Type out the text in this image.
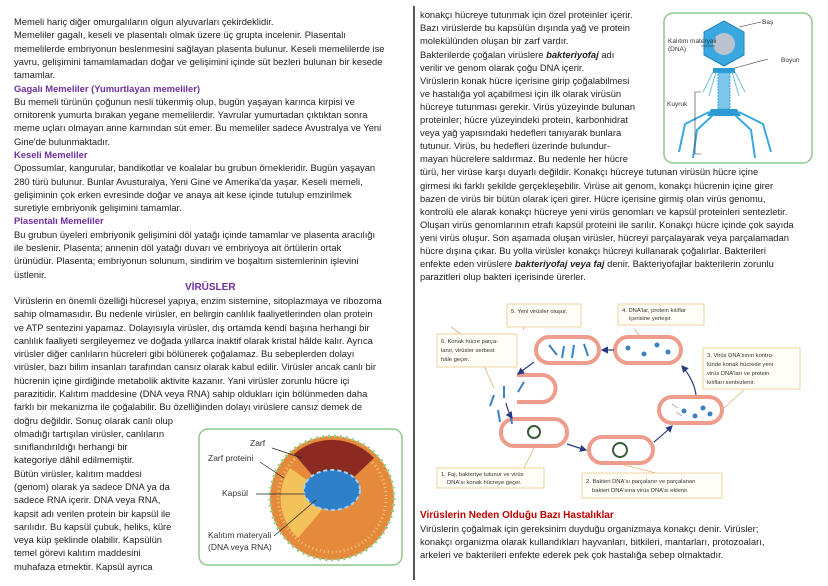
Memeli hariç diğer omurgalıların olgun alyuvarları çekirdeklidir.
Memeliler gagalı, keseli ve plasentalı olmak üzere üç grupta incelenir. Plasentalı
memelilerde embriyonun beslenmesini sağlayan plasenta bulunur. Keseli memelilerde ise
yavru, gelişimini tamamlamadan doğar ve gelişimini içinde süt bezleri bulunan bir kesede
tamamlar.
Gagalı Memeliler (Yumurtlayan memeliler)
Bu memeli türünün çoğunun nesli tükenmiş olup, bugün yaşayan karınca kirpisi ve
ornitorenk yumurta bırakan yegane memelilerdir. Yavrular yumurtadan çıktıktan sonra
meme uçları olmayan anne karnından süt emer. Bu memeliler sadece Avustralya ve Yeni
Gine'de bulunmaktadır.
Keseli Memeliler
Opossumlar, kangurular, bandikotlar ve koalalar bu grubun örnekleridir. Bugün yaşayan
280 türü bulunur. Bunlar Avusturalya, Yeni Gine ve Amerika'da yaşar. Keseli memeli,
gelişiminin çok erken evresinde doğar ve anaya ait kese içinde tutulup emzirilmek
suretiyle embriyonik gelişimini tamamlar.
Plasentalı Memeliler
Bu grubun üyeleri embriyonik gelişimini döl yatağı içinde tamamlar ve plasenta aracılığı
ile beslenir. Plasenta; annenin döl yatağı duvarı ve embriyoya ait örtülerin ortak
ürünüdür. Plasenta; embriyonun solunum, sindirim ve boşaltım sistemlerinin işlevini
üstlenir.
VİRÜSLER
Virüslerin en önemli özelliği hücresel yapıya, enzim sistemine, sitoplazmaya ve ribozoma
sahip olmamasıdır. Bu nedenle virüsler, en belirgin canlılık faaliyetlerinden olan protein
ve ATP sentezini yapamaz. Dolayısıyla virüsler, dış ortamda kendi başına herhangi bir
canlılık faaliyeti sergileyemez ve doğada yıllarca inaktif olarak kristal hâlde kalır. Ayrıca
virüsler diğer canlıların hücreleri gibi bölünerek çoğalamaz. Bu sebeplerden dolayı
virüsler, bazı bilim insanları tarafından cansız olarak kabul edilir. Virüsler ancak canlı bir
hücrenin içine girdiğinde metabolik aktivite kazanır. Yani virüsler zorunlu hücre içi
parazitidir. Kalıtım maddesine (DNA veya RNA) sahip oldukları için bölünmeden daha
farklı bir mekanizma ile çoğalabilir. Bu özelliğinden dolayı virüslere cansız demek de
doğru değildir. Sonuç olarak canlı olup
olmadığı tartışılan virüsler, canlıların
sınıflandırıldığı herhangi bir
kategoriye dâhil edilmemiştir.
Bütün virüsler, kalıtım maddesi
(genom) olarak ya sadece DNA ya da
sadece RNA içerir. DNA veya RNA,
kapsit adı verilen protein bir kapsül ile
sarılıdır. Bu kapsül çubuk, heliks, küre
veya küp şeklinde olabilir. Kapsülün
temel görevi kalıtım maddesini
muhafaza etmektir. Kapsül ayrıca
konakçı hücreye tutunmak için özel proteinler içerir.
Bazı virüslerde bu kapsülün dışında yağ ve protein
molekülünden oluşan bir zarf vardır.
Bakterilerde çoğalan virüslere bakteriyofaj adı
verilir ve genom olarak çoğu DNA içerir.
Virüslerin konak hücre içerisine girip çoğalabilmesi
ve hastalığa yol açabilmesi için ilk olarak virüsün
hücreye tutunması gerekir. Virüs yüzeyinde bulunan
proteinler; hücre yüzeyindeki protein, karbonhidrat
veya yağ yapısındaki hedefleri tanıyarak bunlara
tutunur. Virüs, bu hedefleri üzerinde bulundur-
mayan hücrelere saldırmaz. Bu nedenle her hücre
türü, her virüse karşı duyarlı değildir. Konakçı hücreye tutunan virüsün hücre içine
girmesi iki farklı şekilde gerçekleşebilir. Virüse ait genom, konakçı hücrenin içine girer
bazen de virüs bir bütün olarak içeri girer. Hücre içerisine girmiş olan virüs genomu,
kontrolü ele alarak konakçı hücreye yeni virüs genomları ve kapsül proteinleri sentezletir.
Oluşan virüs genomlarının etrafı kapsül proteini ile sarılır. Konakçı hücre içinde çok sayıda
yeni virüs oluşur. Son aşamada oluşan virüsler, hücreyi parçalayarak veya parçalamadan
hücre dışına çıkar. Bu yolla virüsler konakçı hücreyi kullanarak çoğalırlar. Bakterileri
enfekte eden virüslere bakteriyofaj veya faj denir. Bakteriyofajlar bakterilerin zorunlu
parazitleri olup bakteri içerisinde ürerler.
Virüslerin Neden Olduğu Bazı Hastalıklar
Virüslerin çoğalmak için gereksinim duyduğu organizmaya konakçı denir. Virüsler;
konakçı organizma olarak kullandıkları hayvanları, bitkileri, mantarları, protozoaları,
arkeleri ve bakterileri enfekte ederek pek çok hastalığa sebep olmaktadır.
Zarf
Zarf proteini
Kapsül
Kalıtım materyali
(DNA veya RNA)
Baş
Kalıtım materyali
(DNA)
Boyun
Kuyruk
5. Yeni virüsler oluşur.	4. DNA'lar, protein kılıflar
içerisine yerleşir.
6. Konak hücre parça-
lanır, virüsler serbest
hâle geçer.
3. Virüs DNA'sının kontro-
lünde konak hücrede yeni
virüs DNA'ları ve protein
kılıfları sentezlenir.
1. Faj, bakteriye tutunur ve virüs
DNA'sı konak hücreye geçer.	2. Bakteri DNA'sı parçalanır ve parçalanan
bakteri DNA'sına virüs DNA'sı eklenir.
